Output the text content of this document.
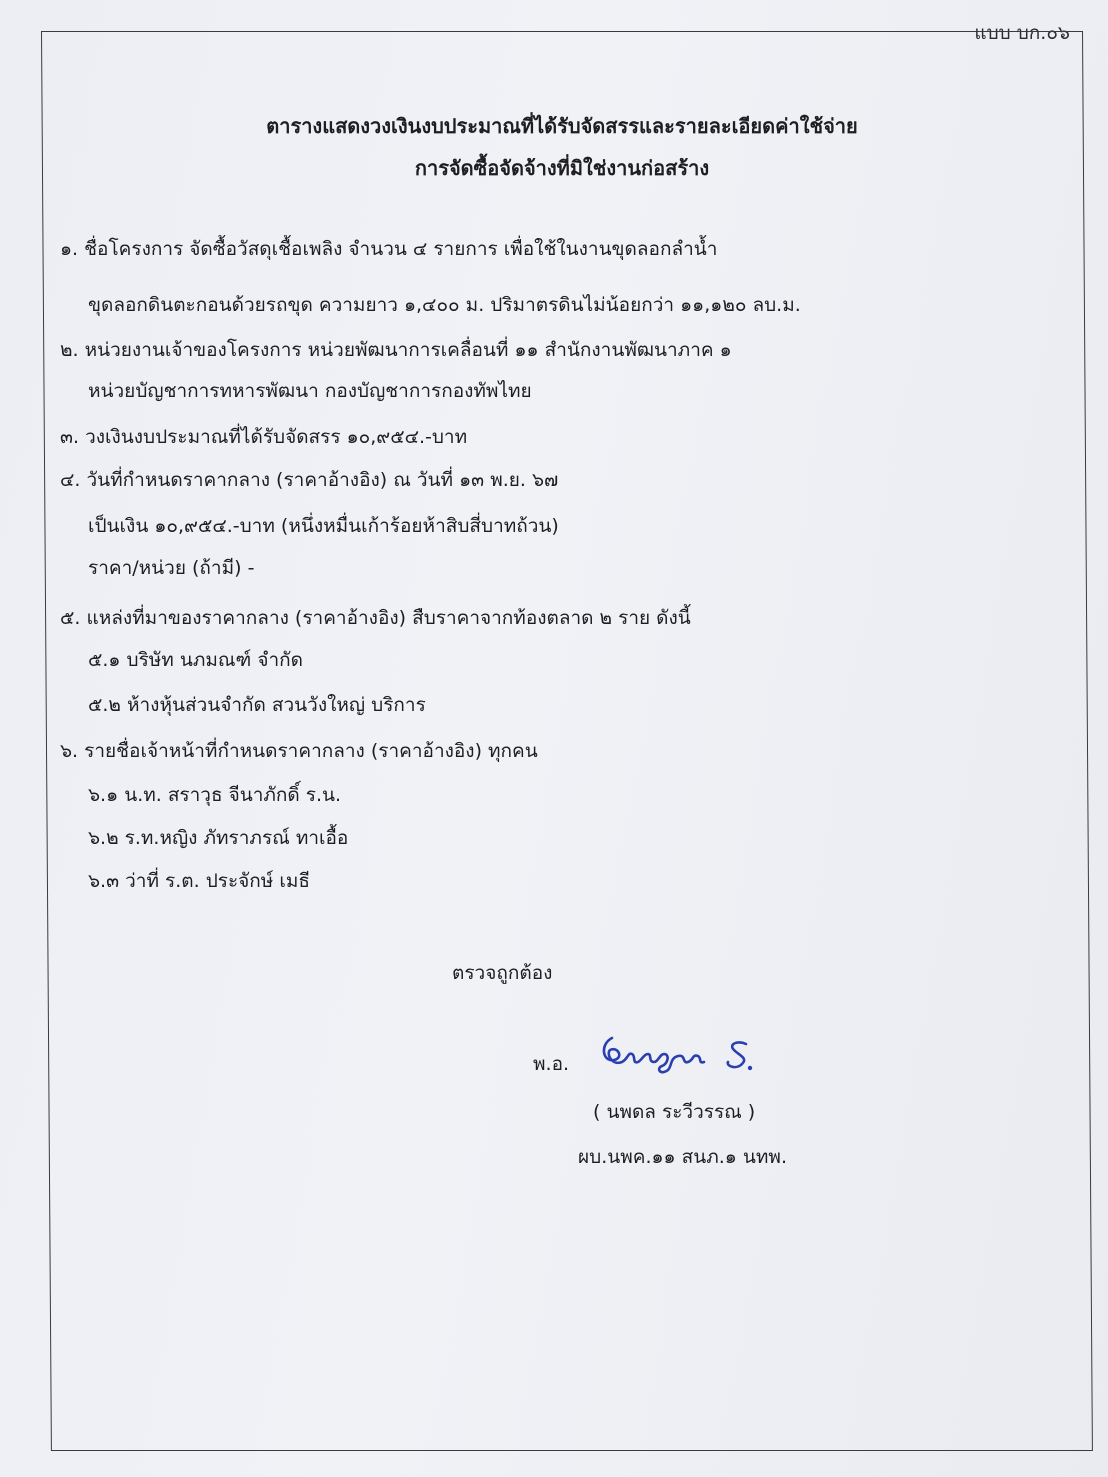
แบบ บก.๐๖
ตารางแสดงวงเงินงบประมาณที่ได้รับจัดสรรและรายละเอียดค่าใช้จ่าย
การจัดซื้อจัดจ้างที่มิใช่งานก่อสร้าง
๑. ชื่อโครงการ จัดซื้อวัสดุเชื้อเพลิง จำนวน ๔ รายการ เพื่อใช้ในงานขุดลอกลำน้ำ
ขุดลอกดินตะกอนด้วยรถขุด ความยาว ๑,๔๐๐ ม. ปริมาตรดินไม่น้อยกว่า ๑๑,๑๒๐ ลบ.ม.
๒. หน่วยงานเจ้าของโครงการ หน่วยพัฒนาการเคลื่อนที่ ๑๑ สำนักงานพัฒนาภาค ๑
หน่วยบัญชาการทหารพัฒนา กองบัญชาการกองทัพไทย
๓. วงเงินงบประมาณที่ได้รับจัดสรร ๑๐,๙๕๔.-บาท
๔. วันที่กำหนดราคากลาง (ราคาอ้างอิง) ณ วันที่ ๑๓ พ.ย. ๖๗
เป็นเงิน ๑๐,๙๕๔.-บาท (หนึ่งหมื่นเก้าร้อยห้าสิบสี่บาทถ้วน)
ราคา/หน่วย (ถ้ามี) -
๕. แหล่งที่มาของราคากลาง (ราคาอ้างอิง) สืบราคาจากท้องตลาด ๒ ราย ดังนี้
๕.๑ บริษัท นภมณฑ์ จำกัด
๕.๒ ห้างหุ้นส่วนจำกัด สวนวังใหญ่ บริการ
๖. รายชื่อเจ้าหน้าที่กำหนดราคากลาง (ราคาอ้างอิง) ทุกคน
๖.๑ น.ท. สราวุธ จีนาภักดิ์ ร.น.
๖.๒ ร.ท.หญิง ภัทราภรณ์ ทาเอื้อ
๖.๓ ว่าที่ ร.ต. ประจักษ์ เมธี
ตรวจถูกต้อง
พ.อ.
( นพดล ระวีวรรณ )
ผบ.นพค.๑๑ สนภ.๑ นทพ.
